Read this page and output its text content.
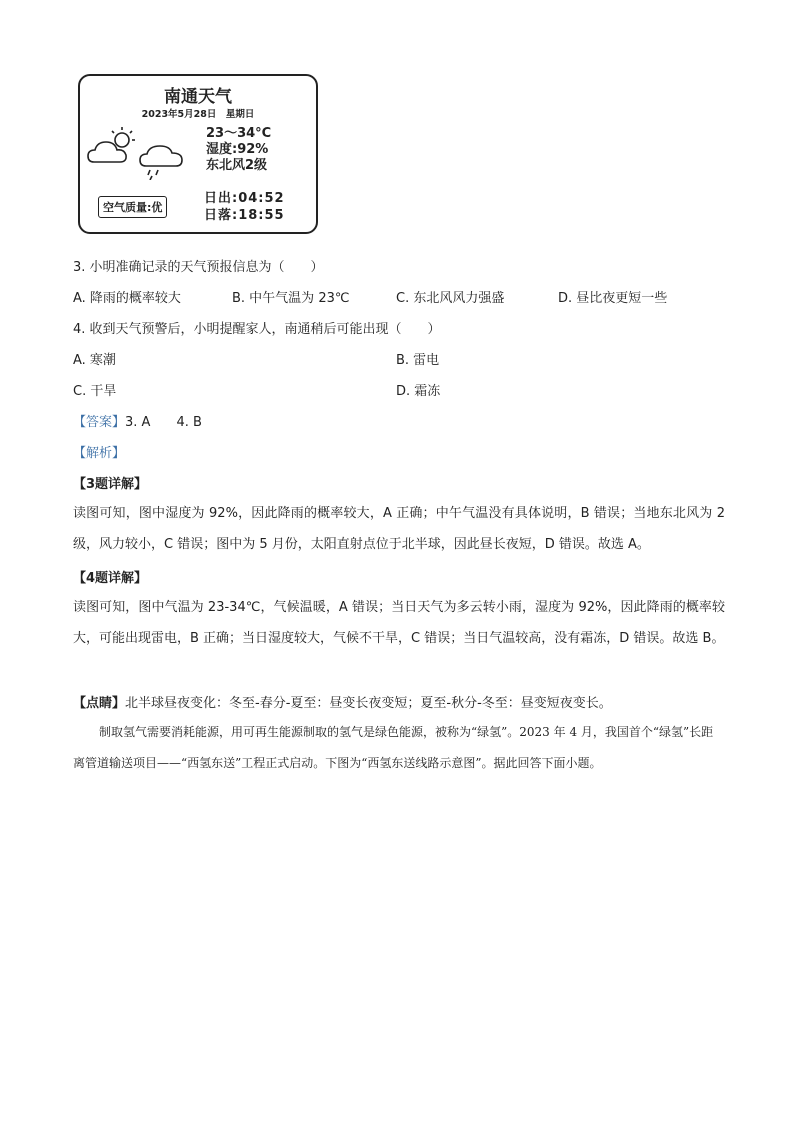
南通天气
2023年5月28日　星期日
23～34°C
湿度:92%
东北风2级
空气质量:优
日出:04:52
日落:18:55
3. 小明准确记录的天气预报信息为（　　）
A. 降雨的概率较大	B. 中午气温为 23℃	C. 东北风风力强盛	D. 昼比夜更短一些
4. 收到天气预警后，小明提醒家人，南通稍后可能出现（　　）
A. 寒潮	B. 雷电
C. 干旱	D. 霜冻
【答案】3. A　　4. B
【解析】
【3题详解】
读图可知，图中湿度为 92%，因此降雨的概率较大，A 正确；中午气温没有具体说明，B 错误；当地东北风为 2级，风力较小，C 错误；图中为 5 月份，太阳直射点位于北半球，因此昼长夜短，D 错误。故选 A。
【4题详解】
读图可知，图中气温为 23-34℃，气候温暖，A 错误；当日天气为多云转小雨，湿度为 92%，因此降雨的概率较大，可能出现雷电，B 正确；当日湿度较大，气候不干旱，C 错误；当日气温较高，没有霜冻，D 错误。故选 B。
【点睛】北半球昼夜变化：冬至-春分-夏至：昼变长夜变短；夏至-秋分-冬至：昼变短夜变长。
制取氢气需要消耗能源，用可再生能源制取的氢气是绿色能源，被称为“绿氢”。2023 年 4 月，我国首个“绿氢”长距离管道输送项目——“西氢东送”工程正式启动。下图为“西氢东送线路示意图”。据此回答下面小题。
